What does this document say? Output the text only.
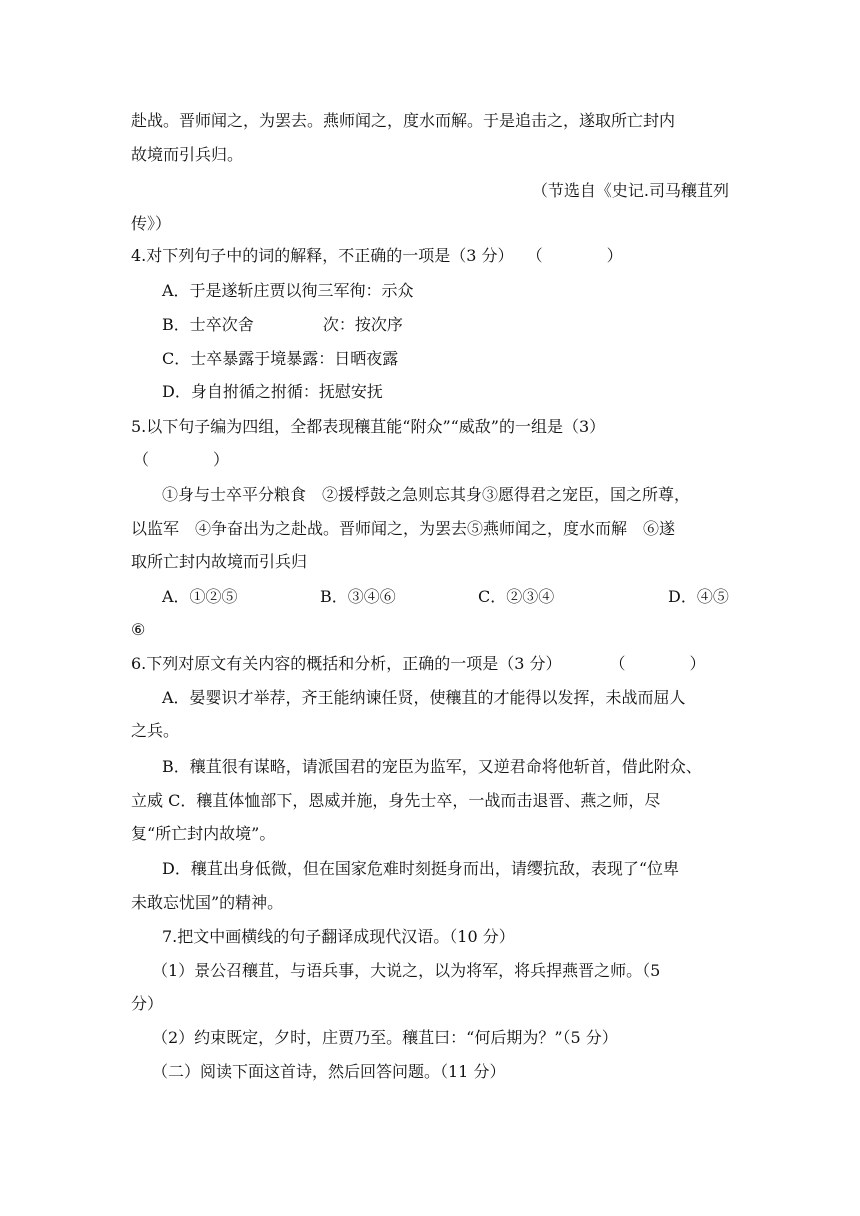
赴战。晋师闻之，为罢去。燕师闻之，度水而解。于是追击之，遂取所亡封内

故境而引兵归。

（节选自《史记.司马穰苴列

传》）

4.对下列句子中的词的解释，不正确的一项是（3 分）　 （　　　　）

A．于是遂斩庄贾以徇三军徇：示众

B．士卒次舍　　　　 次：按次序

C．士卒暴露于境暴露：日晒夜露

D．身自拊循之拊循：抚慰安抚

5.以下句子编为四组，全都表现穰苴能“附众”“威敌”的一组是（3）

（　　　　）

①身与士卒平分粮食　②援桴鼓之急则忘其身③愿得君之宠臣，国之所尊，

以监军　④争奋出为之赴战。晋师闻之，为罢去⑤燕师闻之，度水而解　⑥遂

取所亡封内故境而引兵归

A．①②⑤	B．③④⑥	C．②③④	D．④⑤

⑥

6.下列对原文有关内容的概括和分析，正确的一项是（3 分）　　　　（　　　　）

A．晏婴识才举荐，齐王能纳谏任贤，使穰苴的才能得以发挥，未战而屈人

之兵。

B．穰苴很有谋略，请派国君的宠臣为监军，又逆君命将他斩首，借此附众、

立威 C．穰苴体恤部下，恩威并施，身先士卒，一战而击退晋、燕之师，尽

复“所亡封内故境”。

D．穰苴出身低微，但在国家危难时刻挺身而出，请缨抗敌，表现了“位卑

未敢忘忧国”的精神。

7.把文中画横线的句子翻译成现代汉语。（10 分）

（1）景公召穰苴，与语兵事，大说之，以为将军，将兵捍燕晋之师。（5

分）

（2）约束既定，夕时，庄贾乃至。穰苴曰：“何后期为？”（5 分）

（二）阅读下面这首诗，然后回答问题。（11 分）
